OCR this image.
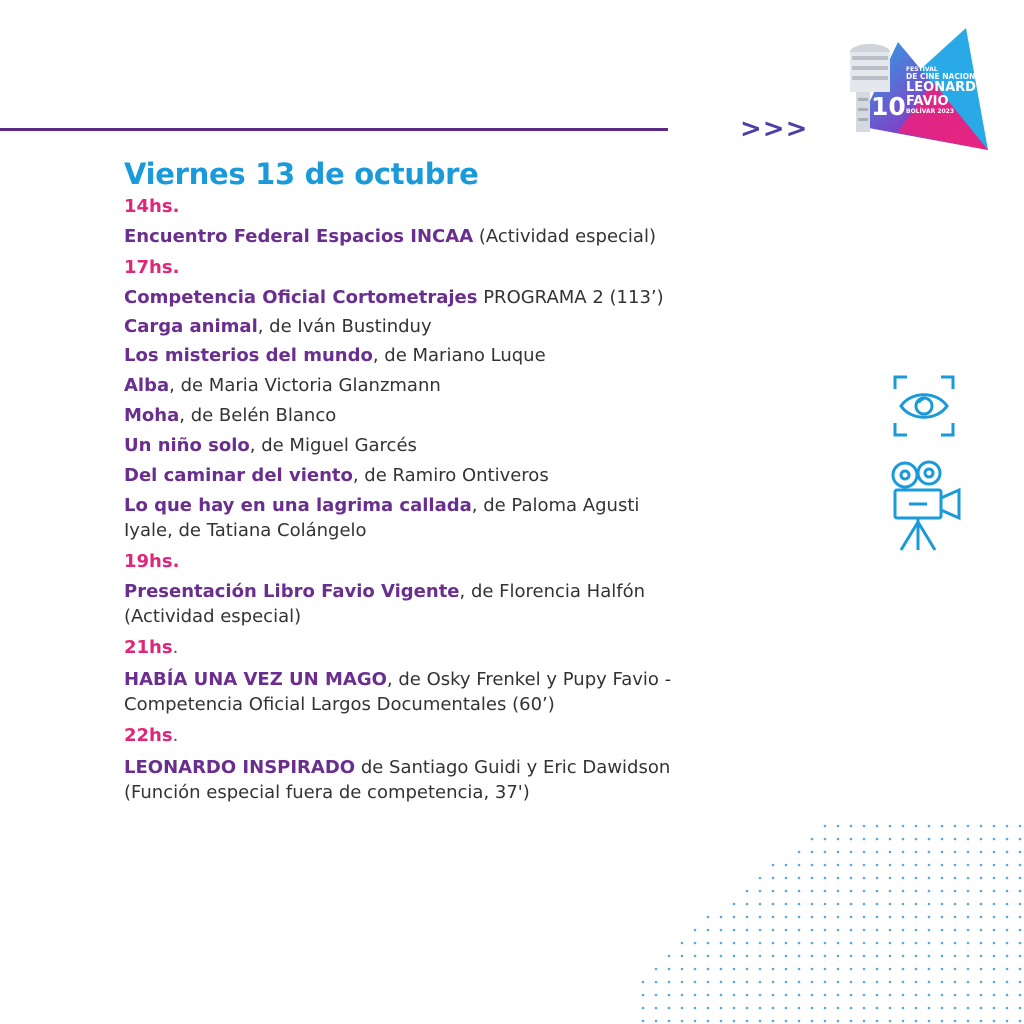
>>>
FESTIVAL
DE CINE NACIONAL
LEONARDO
FAVIO
BOLÍVAR 2023
10
Viernes 13 de octubre
14hs.
Encuentro Federal Espacios INCAA (Actividad especial)
17hs.
Competencia Oficial Cortometrajes PROGRAMA 2 (113’)
Carga animal, de Iván Bustinduy
Los misterios del mundo, de Mariano Luque
Alba, de Maria Victoria Glanzmann
Moha, de Belén Blanco
Un niño solo, de Miguel Garcés
Del caminar del viento, de Ramiro Ontiveros
Lo que hay en una lagrima callada, de Paloma Agusti
Iyale, de Tatiana Colángelo
19hs.
Presentación Libro Favio Vigente, de Florencia Halfón
(Actividad especial)
21hs.
HABÍA UNA VEZ UN MAGO, de Osky Frenkel y Pupy Favio -
Competencia Oficial Largos Documentales (60’)
22hs.
LEONARDO INSPIRADO de Santiago Guidi y Eric Dawidson
(Función especial fuera de competencia, 37')
